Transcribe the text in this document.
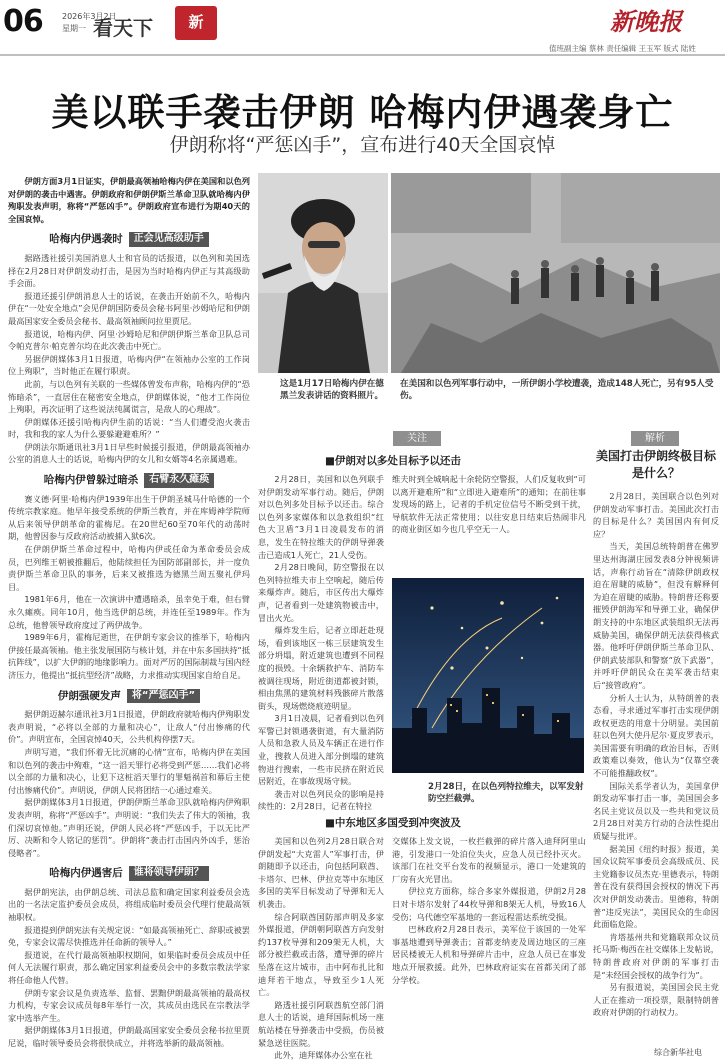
06 2026年3月2日
星期一 看天下	新	新晚报
值班副主编 蔡林 责任编辑 王玉军 版式 陆姓
美以联手袭击伊朗 哈梅内伊遇袭身亡
伊朗称将“严惩凶手”，宣布进行40天全国哀悼

伊朗方面3月1日证实，伊朗最高领袖哈梅内伊在美国和以色列对伊朗的袭击中遇害。伊朗政府和伊朗伊斯兰革命卫队就哈梅内伊殉职发表声明，称将“严惩凶手”。伊朗政府宣布进行为期40天的全国哀悼。

哈梅内伊遇袭时	正会见高级助手

据路透社援引美国消息人士和官员的话报道，以色列和美国选择在2月28日对伊朗发动打击，是因为当时哈梅内伊正与其高级助手会面。

报道还援引伊朗消息人士的话说，在袭击开始前不久，哈梅内伊在“一处安全地点”会见伊朗国防委员会秘书阿里·沙姆哈尼和伊朗最高国家安全委员会秘书、最高领袖顾问拉里贾尼。

报道说，哈梅内伊、阿里·沙姆哈尼和伊朗伊斯兰革命卫队总司令帕克普尔·帕克普尔均在此次袭击中死亡。

另据伊朗媒体3月1日报道，哈梅内伊“在领袖办公室的工作岗位上殉职”，当时他正在履行职责。

此前，与以色列有关联的一些媒体曾发布声称，哈梅内伊的“恐怖暗杀”，一直居住在秘密安全地点，伊朗媒体说，“他才工作岗位上殉职，再次证明了这些说法纯属谎言，是敌人的心理战”。

伊朗媒体还援引哈梅内伊生前的话说：“当人们遭受泡火袭击时，我和我的家人为什么要躲避避难所？”

伊朗法尔斯通讯社3月1日早些时候援引报道，伊朗最高领袖办公室的消息人士的话说，哈梅内伊的女儿和女婿等4名亲属遇难。

哈梅内伊曾躲过暗杀	右臂永久瘫痪

赛义德·阿里·哈梅内伊1939年出生于伊朗圣城马什哈德的一个传统宗教家庭。他早年接受系统的伊斯兰教育，并在库姆神学院师从后来领导伊朗革命的霍梅尼。在20世纪60至70年代的动荡时期，他曾因参与反政府活动被捕入狱6次。

在伊朗伊斯兰革命过程中，哈梅内伊或任命为革命委员会成员，巴列维王朝被推翻后，他陆续担任为国防部副部长，并一度负责伊斯兰革命卫队的事务，后来又被推选为德黑兰周五聚礼伊玛目。

1981年6月，他在一次演讲中遭遇暗杀，虽幸免于难，但右臂永久瘫痪。同年10月，他当选伊朗总统，并连任至1989年。作为总统，他曾领导政府度过了两伊战争。

1989年6月，霍梅尼逝世，在伊朗专家会议的推举下，哈梅内伊接任最高领袖。他主张发展国防与核计划，并在中东多国扶持“抵抗阵线”，以扩大伊朗的地缘影响力。面对严厉的国际制裁与国内经济压力，他提出“抵抗型经济”战略，力求推动实现国家自给自足。

伊朗强硬发声	将“严惩凶手”

据伊朗迈赫尔通讯社3月1日报道，伊朗政府就哈梅内伊殉职发表声明说，“必将以全部的力量和决心”，让敌人“付出惨痛的代价”。声明宣布，全国哀悼40天，公共机构停摆7天。

声明写道，“我们怀着无比沉痛的心情”宣布，哈梅内伊在美国和以色列的袭击中殉难，“这一滔天罪行必将受到严惩……我们必将以全部的力量和决心，让犯下这桩滔天罪行的罪魁祸首和幕后主使付出惨痛代价”。声明说，伊朗人民将团结一心通过难关。

据伊朗媒体3月1日报道，伊朗伊斯兰革命卫队就哈梅内伊殉职发表声明，称将“严惩凶手”。声明说：“我们失去了伟大的领袖，我们深切哀悼他。”声明还说，伊朗人民必将“严惩凶手，于以无比严厉、决断和令人铭记的惩罚”。伊朗将“袭击打击国内外凶手，惩治侵略者”。

哈梅内伊遇害后	谁将领导伊朗？

据伊朗宪法，由伊朗总统、司法总监和确定国家利益委员会选出的一名法定监护委员会成员，将组成临时委员会代理行使最高领袖职权。

报道提到伊朗宪法有关规定说：“如最高领袖死亡、辞职或被罢免，专家会议需尽快推选并任命新的领导人。”

报道说，在代行最高领袖职权期间，如果临时委员会成员中任何人无法履行职责，那么确定国家利益委员会中的多数宗教法学家将任命他人代替。

伊朗专家会议是负责选举、监督、罢黜伊朗最高领袖的最高权力机构，专家会议成员每8年举行一次，其成员由选民在宗教法学家中选举产生。

据伊朗媒体3月1日报道，伊朗最高国家安全委员会秘书拉里贾尼说，临时领导委员会将很快成立，并将选举新的最高领袖。

这是1月17日哈梅内伊在德黑兰发表讲话的资料照片。
在美国和以色列军事行动中，一所伊朗小学校遭袭，造成148人死亡，另有95人受伤。
关注
■伊朗对以多处目标予以还击

2月28日，美国和以色列联手对伊朗发动军事行动。随后，伊朗对以色列多处目标予以还击。综合以色列多家媒体和以急救组织“红色大卫盾”3月1日凌晨发布的消息，发生在特拉维夫的伊朗导弹袭击已造成1人死亡，21人受伤。

2月28日晚间，防空警报在以色列特拉维夫市上空响起，随后传来爆炸声。随后，市区传出大爆炸声，记者看到一处建筑物被击中，冒出火光。

爆炸发生后，记者立即赶赴现场，看到该地区一栋三层建筑发生部分坍塌，附近建筑也遭到不同程度的损毁。十余辆救护车、消防车被调往现场，附近街道都被封锁，相由焦黑的建筑材料残骸碎片散落街头，现场燃烧痕迹明显。

3月1日凌晨，记者看到以色列军警已封锁遇袭街道，有大量消防人员和急救人员及车辆正在进行作业，搜救人员进入部分倒塌的建筑物进行搜索，一些市民挤在附近民居附近，在事故现场守候。

袭击对以色列民众的影响是持续性的：2月28日，记者在特拉

维夫时到全城响起十余轮防空警报，人们反复收到“可以离开避难所”和“立即进入避难所”的通知；在前往事发现场的路上，记者的手机定位信号不断受到干扰，导航软件无法正常使用；以往安息日结束后热闹非凡的商业街区如今也几乎空无一人。

2月28日，在以色列特拉维夫，以军发射防空拦截弹。
■中东地区多国受到冲突波及

美国和以色列2月28日联合对伊朗发起“大克雷人”军事打击，伊朗随即予以还击，向包括阿联酋、卡塔尔、巴林、伊拉克等中东地区多国的美军目标发动了导弹和无人机袭击。

综合阿联酋国防部声明及多家外媒报道，伊朗朝阿联酋方向发射约137枚导弹和209架无人机，大部分被拦截或击落，遭导弹的碎片坠落在这片城市，击中阿布扎比和迪拜若干地点，导致至少1人死亡。

路透社援引阿联酋航空部门消息人士的话说，迪拜国际机场一座航站楼在导弹袭击中受损，伤员被紧急送往医院。

此外，迪拜媒体办公室在社

交媒体上发文说，一枚拦截弹的碎片落入迪拜阿里山港，引发港口一处泊位失火，应急人员已经扑灭火。该部门在社交平台发布的视频显示，港口一处建筑的厂房有火光冒出。

伊拉克方面称，综合多家外媒报道，伊朗2月28日对卡塔尔发射了44枚导弹和8架无人机，导致16人受伤；乌代德空军基地的一套远程雷达系统受损。

巴林政府2月28日表示，美军位于该国的一处军事基地遭到导弹袭击；首都麦纳麦及周边地区的三座居民楼被无人机和导弹碎片击中，应急人员已在事发地点开展救援。此外，巴林政府证实在首都关闭了部分学校。

解析
美国打击伊朗终极目标是什么？

2月28日，美国联合以色列对伊朗发动军事打击。美国此次打击的目标是什么？美国国内有何反应？

当天，美国总统特朗普在佛罗里达州海湖庄园发表8分钟视频讲话，声称行动旨在“清除伊朗政权迫在眉睫的威胁”，但没有解释何为迫在眉睫的威胁。特朗普还称要摧毁伊朗海军和导弹工业，确保伊朗支持的中东地区武装组织无法再威胁美国，确保伊朗无法获得核武器。他呼吁伊朗伊斯兰革命卫队、伊朗武装部队和警察“放下武器”，并呼吁伊朗民众在美军袭击结束后“接管政府”。

分析人士认为，从特朗普的表态看，寻求通过军事打击实现伊朗政权更迭的用意十分明显。美国前驻以色列大使丹尼尔·夏皮罗表示，美国需要有明确的政治目标，否则政策难以奏效，他认为“仅靠空袭不可能推翻政权”。

国际关系学者认为，美国拿伊朗发动军事打击一事，美国国会多名民主党议员以及一些共和党议员2月28日对美方行动的合法性提出质疑与批评。

据美国《纽约时报》报道，美国众议院军事委员会高级成员、民主党籍参议员杰克·里德表示，特朗普在没有获得国会授权的情况下再次对伊朗发动袭击。里德称，特朗普“违反宪法”，美国民众的生命因此面临危险。

肯塔基州共和党籍联邦众议员托马斯·梅西在社交媒体上发帖说，特朗普政府对伊朗的军事打击是“未经国会授权的战争行为”。

另有报道说，美国国会民主党人正在推动一项投票，限制特朗普政府对伊朗的行动权力。

综合新华社电
